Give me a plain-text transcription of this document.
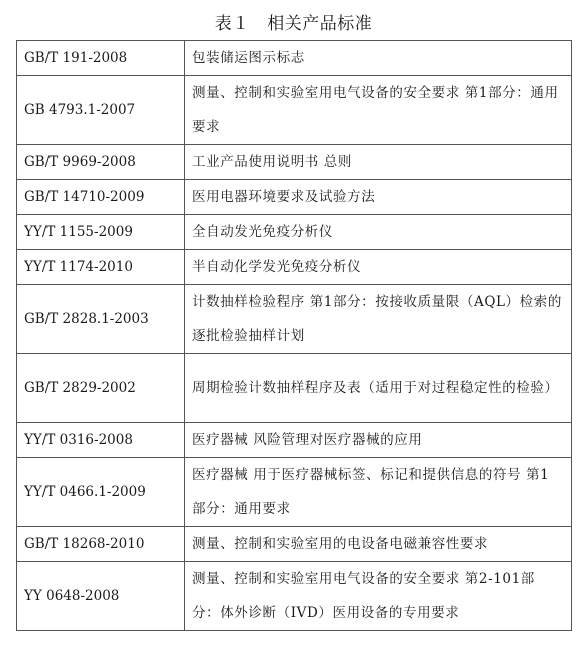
表１　相关产品标准
GB/T 191-2008	包装储运图示标志
GB 4793.1-2007	测量、控制和实验室用电气设备的安全要求 第1部分：通用要求
GB/T 9969-2008	工业产品使用说明书 总则
GB/T 14710-2009	医用电器环境要求及试验方法
YY/T 1155-2009	全自动发光免疫分析仪
YY/T 1174-2010	半自动化学发光免疫分析仪
GB/T 2828.1-2003	计数抽样检验程序 第1部分：按接收质量限（AQL）检索的逐批检验抽样计划
GB/T 2829-2002	周期检验计数抽样程序及表（适用于对过程稳定性的检验）
YY/T 0316-2008	医疗器械 风险管理对医疗器械的应用
YY/T 0466.1-2009	医疗器械 用于医疗器械标签、标记和提供信息的符号 第1部分：通用要求
GB/T 18268-2010	测量、控制和实验室用的电设备电磁兼容性要求
YY 0648-2008	测量、控制和实验室用电气设备的安全要求 第2-101部分：体外诊断（IVD）医用设备的专用要求
